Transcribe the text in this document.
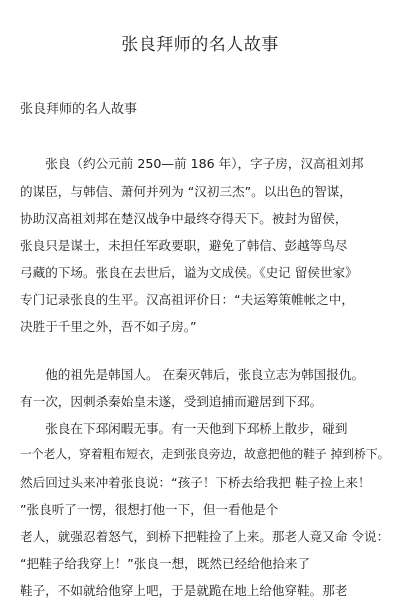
张良拜师的名人故事
张良拜师的名人故事
　　张良（约公元前 250—前 186 年），字子房，汉高祖刘邦
的谋臣，与韩信、萧何并列为 “汉初三杰”。以出色的智谋，
协助汉高祖刘邦在楚汉战争中最终夺得天下。被封为留侯，
张良只是谋士，未担任军政要职，避免了韩信、彭越等鸟尽
弓藏的下场。张良在去世后，谥为文成侯。《史记 留侯世家》
专门记录张良的生平。汉高祖评价日：“夫运筹策帷帐之中，
决胜于千里之外，吾不如子房。”
　　他的祖先是韩国人。 在秦灭韩后，张良立志为韩国报仇。
有一次，因刺杀秦始皇未遂，受到追捕而避居到下邳。
　　张良在下邳闲暇无事。有一天他到下邳桥上散步，碰到
一个老人，穿着粗布短衣，走到张良旁边，故意把他的鞋子 掉到桥下。
然后回过头来冲着张良说：“孩子！下桥去给我把 鞋子捡上来！
”张良听了一愣，很想打他一下，但一看他是个
老人，就强忍着怒气，到桥下把鞋捡了上来。那老人竟又命 令说：
“把鞋子给我穿上！”张良一想，既然已经给他拾来了
鞋子，不如就给他穿上吧，于是就跪在地上给他穿鞋。那老
